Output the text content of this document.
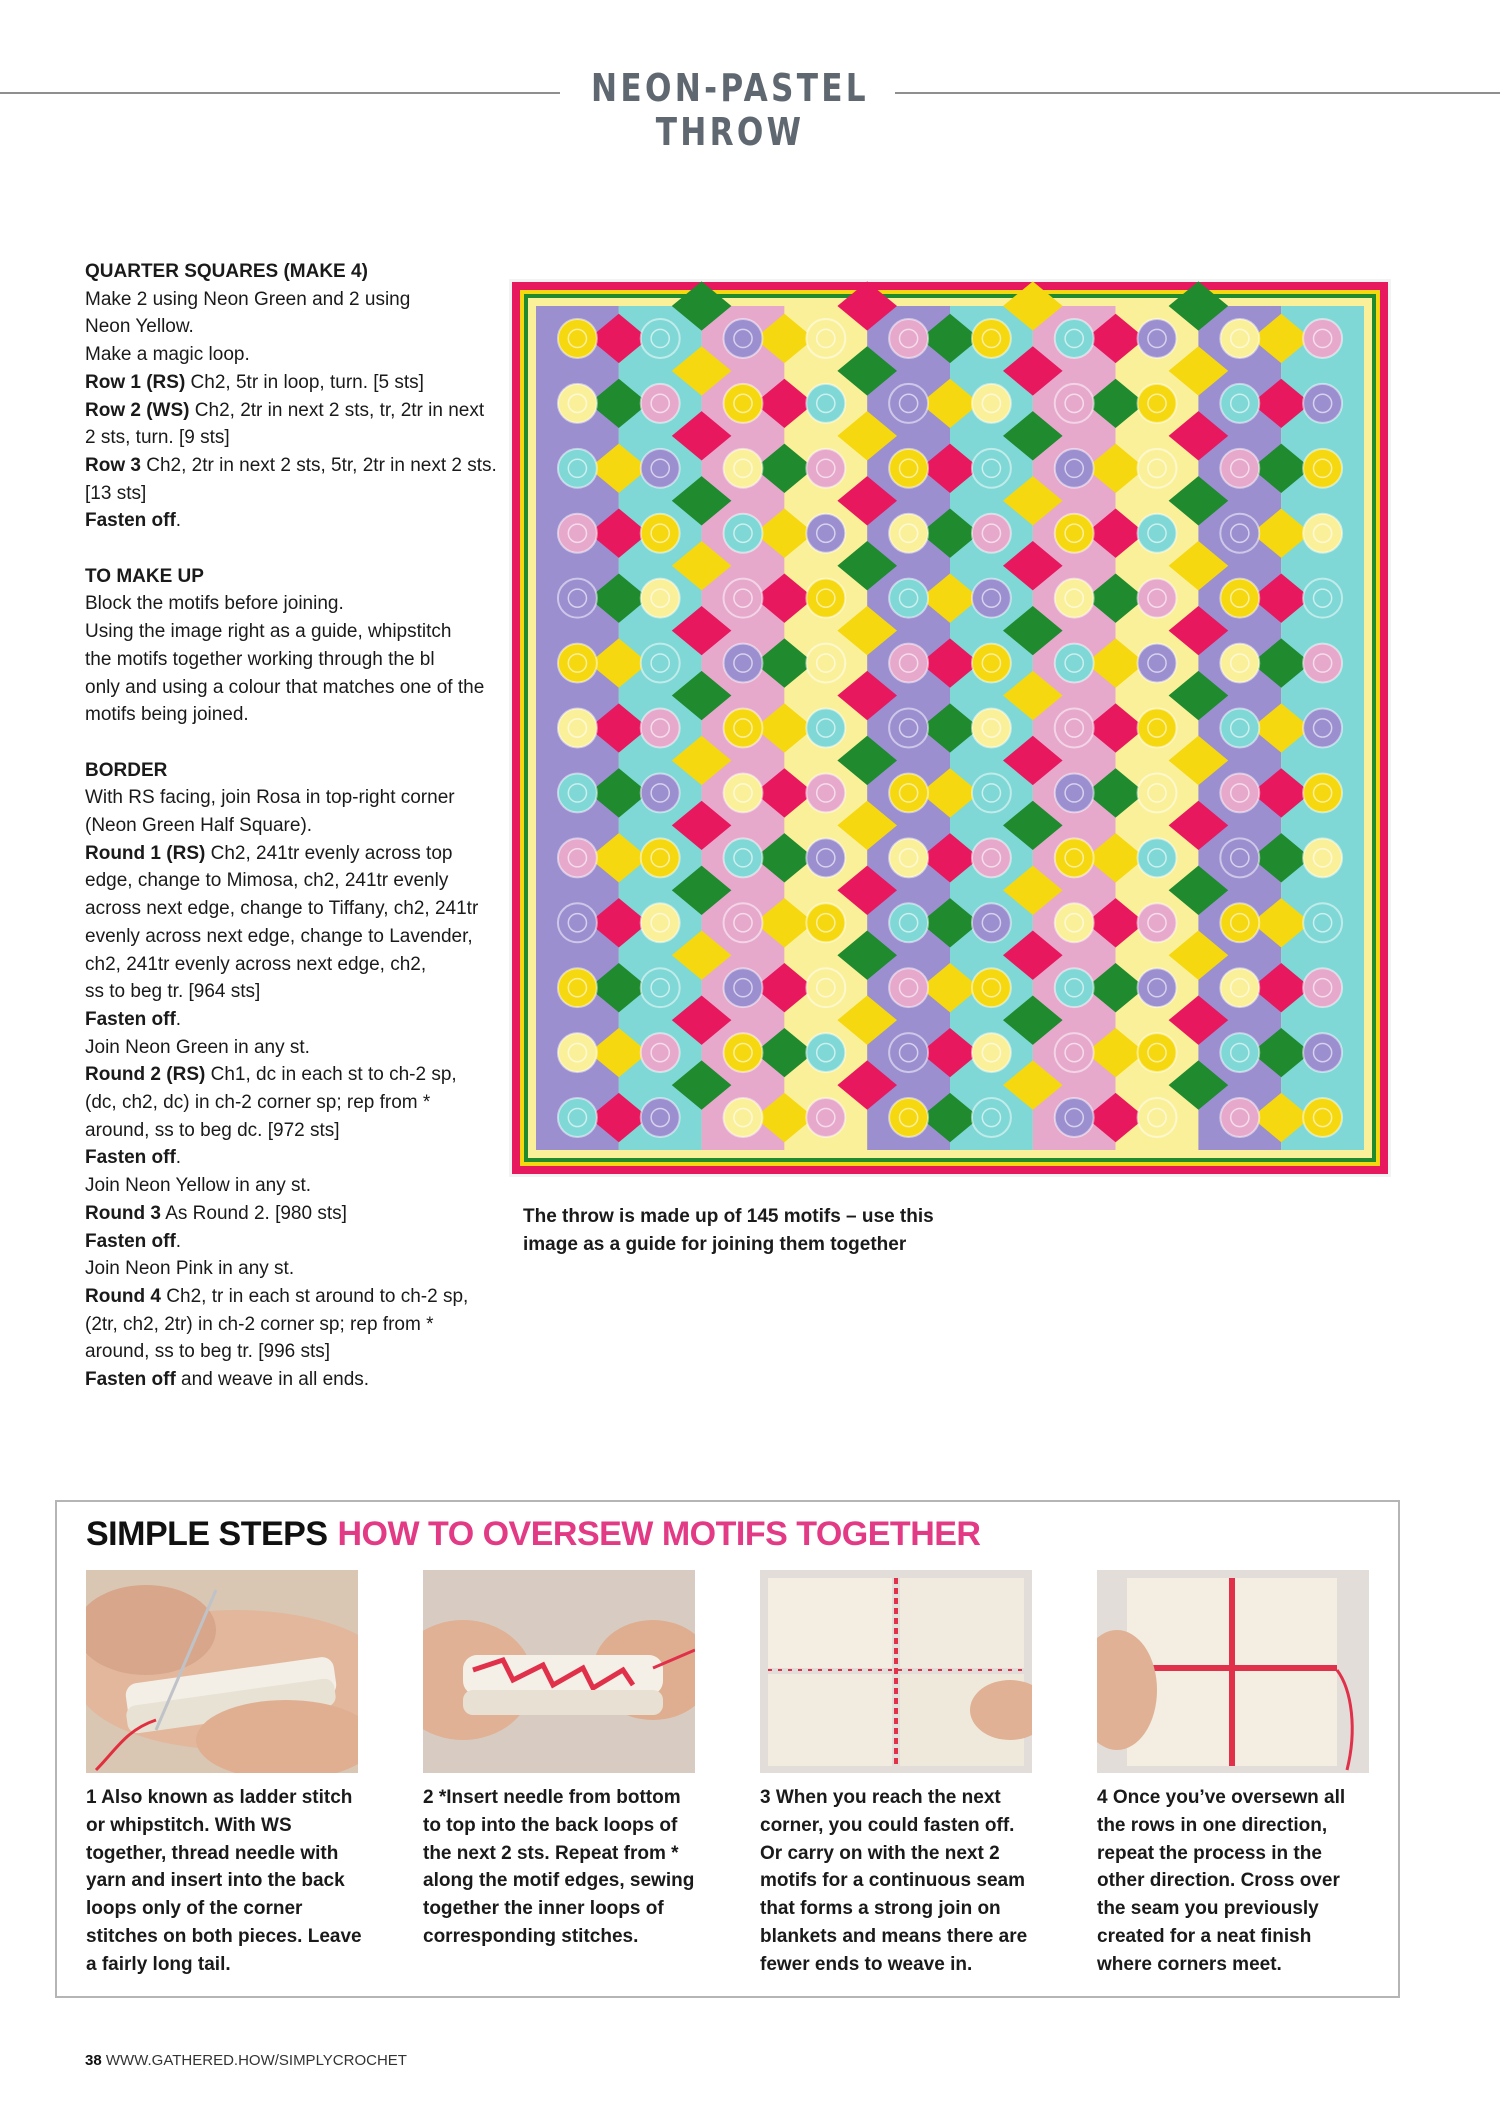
NEON-PASTEL THROW

QUARTER SQUARES (MAKE 4)

Make 2 using Neon Green and 2 using

Neon Yellow.

Make a magic loop.

Row 1 (RS) Ch2, 5tr in loop, turn. [5 sts]

Row 2 (WS) Ch2, 2tr in next 2 sts, tr, 2tr in next

2 sts, turn. [9 sts]

Row 3 Ch2, 2tr in next 2 sts, 5tr, 2tr in next 2 sts.

[13 sts]

Fasten off.

TO MAKE UP

Block the motifs before joining.

Using the image right as a guide, whipstitch

the motifs together working through the bl

only and using a colour that matches one of the

motifs being joined.

BORDER

With RS facing, join Rosa in top-right corner

(Neon Green Half Square).

Round 1 (RS) Ch2, 241tr evenly across top

edge, change to Mimosa, ch2, 241tr evenly

across next edge, change to Tiffany, ch2, 241tr

evenly across next edge, change to Lavender,

ch2, 241tr evenly across next edge, ch2,

ss to beg tr. [964 sts]

Fasten off.

Join Neon Green in any st.

Round 2 (RS) Ch1, dc in each st to ch-2 sp,

(dc, ch2, dc) in ch-2 corner sp; rep from *

around, ss to beg dc. [972 sts]

Fasten off.

Join Neon Yellow in any st.

Round 3 As Round 2. [980 sts]

Fasten off.

Join Neon Pink in any st.

Round 4 Ch2, tr in each st around to ch-2 sp,

(2tr, ch2, 2tr) in ch-2 corner sp; rep from *

around, ss to beg tr. [996 sts]

Fasten off and weave in all ends.

The throw is made up of 145 motifs – use this
image as a guide for joining them together
SIMPLE STEPS HOW TO OVERSEW MOTIFS TOGETHER
1 Also known as ladder stitch
or whipstitch. With WS
together, thread needle with
yarn and insert into the back
loops only of the corner
stitches on both pieces. Leave
a fairly long tail.
2 *Insert needle from bottom
to top into the back loops of
the next 2 sts. Repeat from *
along the motif edges, sewing
together the inner loops of
corresponding stitches.
3 When you reach the next
corner, you could fasten off.
Or carry on with the next 2
motifs for a continuous seam
that forms a strong join on
blankets and means there are
fewer ends to weave in.
4 Once you’ve oversewn all
the rows in one direction,
repeat the process in the
other direction. Cross over
the seam you previously
created for a neat finish
where corners meet.
38 WWW.GATHERED.HOW/SIMPLYCROCHET
